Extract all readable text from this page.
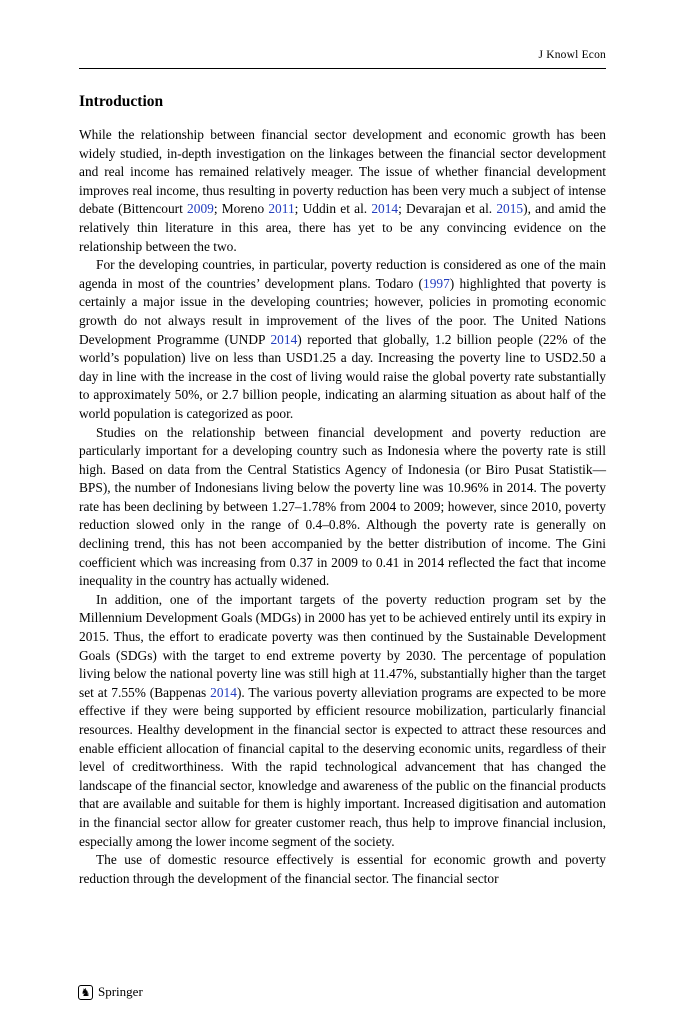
J Knowl Econ
Introduction

While the relationship between financial sector development and economic growth has been widely studied, in-depth investigation on the linkages between the financial sector development and real income has remained relatively meager. The issue of whether financial development improves real income, thus resulting in poverty reduction has been very much a subject of intense debate (Bittencourt 2009; Moreno 2011; Uddin et al. 2014; Devarajan et al. 2015), and amid the relatively thin literature in this area, there has yet to be any convincing evidence on the relationship between the two.

For the developing countries, in particular, poverty reduction is considered as one of the main agenda in most of the countries’ development plans. Todaro (1997) highlighted that poverty is certainly a major issue in the developing countries; however, policies in promoting economic growth do not always result in improvement of the lives of the poor. The United Nations Development Programme (UNDP 2014) reported that globally, 1.2 billion people (22% of the world’s population) live on less than USD1.25 a day. Increasing the poverty line to USD2.50 a day in line with the increase in the cost of living would raise the global poverty rate substantially to approximately 50%, or 2.7 billion people, indicating an alarming situation as about half of the world population is categorized as poor.

Studies on the relationship between financial development and poverty reduction are particularly important for a developing country such as Indonesia where the poverty rate is still high. Based on data from the Central Statistics Agency of Indonesia (or Biro Pusat Statistik—BPS), the number of Indonesians living below the poverty line was 10.96% in 2014. The poverty rate has been declining by between 1.27–1.78% from 2004 to 2009; however, since 2010, poverty reduction slowed only in the range of 0.4–0.8%. Although the poverty rate is generally on declining trend, this has not been accompanied by the better distribution of income. The Gini coefficient which was increasing from 0.37 in 2009 to 0.41 in 2014 reflected the fact that income inequality in the country has actually widened.

In addition, one of the important targets of the poverty reduction program set by the Millennium Development Goals (MDGs) in 2000 has yet to be achieved entirely until its expiry in 2015. Thus, the effort to eradicate poverty was then continued by the Sustainable Development Goals (SDGs) with the target to end extreme poverty by 2030. The percentage of population living below the national poverty line was still high at 11.47%, substantially higher than the target set at 7.55% (Bappenas 2014). The various poverty alleviation programs are expected to be more effective if they were being supported by efficient resource mobilization, particularly financial resources. Healthy development in the financial sector is expected to attract these resources and enable efficient allocation of financial capital to the deserving economic units, regardless of their level of creditworthiness. With the rapid technological advancement that has changed the landscape of the financial sector, knowledge and awareness of the public on the financial products that are available and suitable for them is highly important. Increased digitisation and automation in the financial sector allow for greater customer reach, thus help to improve financial inclusion, especially among the lower income segment of the society.

The use of domestic resource effectively is essential for economic growth and poverty reduction through the development of the financial sector. The financial sector

♞ Springer
